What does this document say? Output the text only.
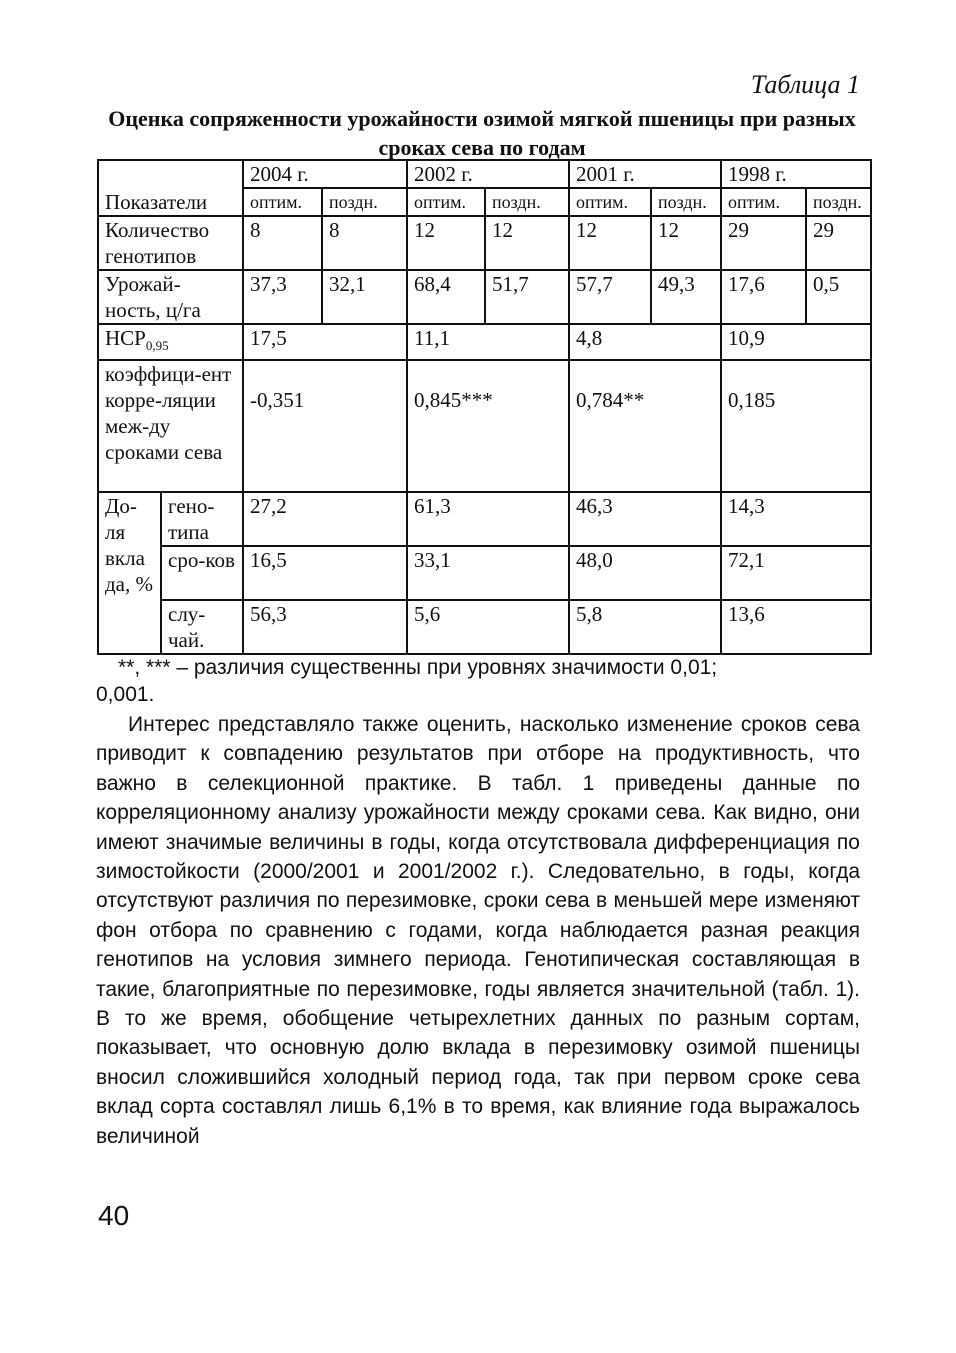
Таблица 1
Оценка сопряженности урожайности озимой мягкой пшеницы при разных сроках сева по годам
Показатели		2004 г.		2002 г.		2001 г.		1998 г.	
		оптим.	поздн.	оптим.	поздн.	оптим.	поздн.	оптим.	поздн.
Количество генотипов		8	8	12	12	12	12	29	29
Урожай-ность, ц/га		37,3	32,1	68,4	51,7	57,7	49,3	17,6	0,5
$НСР_{0,95}$		17,5		11,1		4,8		10,9	
коэффици-ент корре-ляции меж-ду сроками сева		-0,351		0,845***		0,784**		0,185	
До-ля вкла да, %	гено-типа	27,2		61,3		46,3		14,3	
	сро-ков	16,5		33,1		48,0		72,1	
	слу-чай.	56,3		5,6		5,8		13,6	
**, *** – различия существенны при уровнях значимости 0,01;
0,001.
Интерес представляло также оценить, насколько изменение сроков сева приводит к совпадению результатов при отборе на продуктивность, что важно в селекционной практике. В табл. 1 приведены данные по корреляционному анализу урожайности между сроками сева. Как видно, они имеют значимые величины в годы, когда отсутствовала дифференциация по зимостойкости (2000/2001 и 2001/2002 г.). Следовательно, в годы, когда отсутствуют различия по перезимовке, сроки сева в меньшей мере изменяют фон отбора по сравнению с годами, когда наблюдается разная реакция генотипов на условия зимнего периода. Генотипическая составляющая в такие, благоприятные по перезимовке, годы является значительной (табл. 1). В то же время, обобщение четырехлетних данных по разным сортам, показывает, что основную долю вклада в перезимовку озимой пшеницы вносил сложившийся холодный период года, так при первом сроке сева вклад сорта составлял лишь 6,1% в то время, как влияние года выражалось величиной
40
